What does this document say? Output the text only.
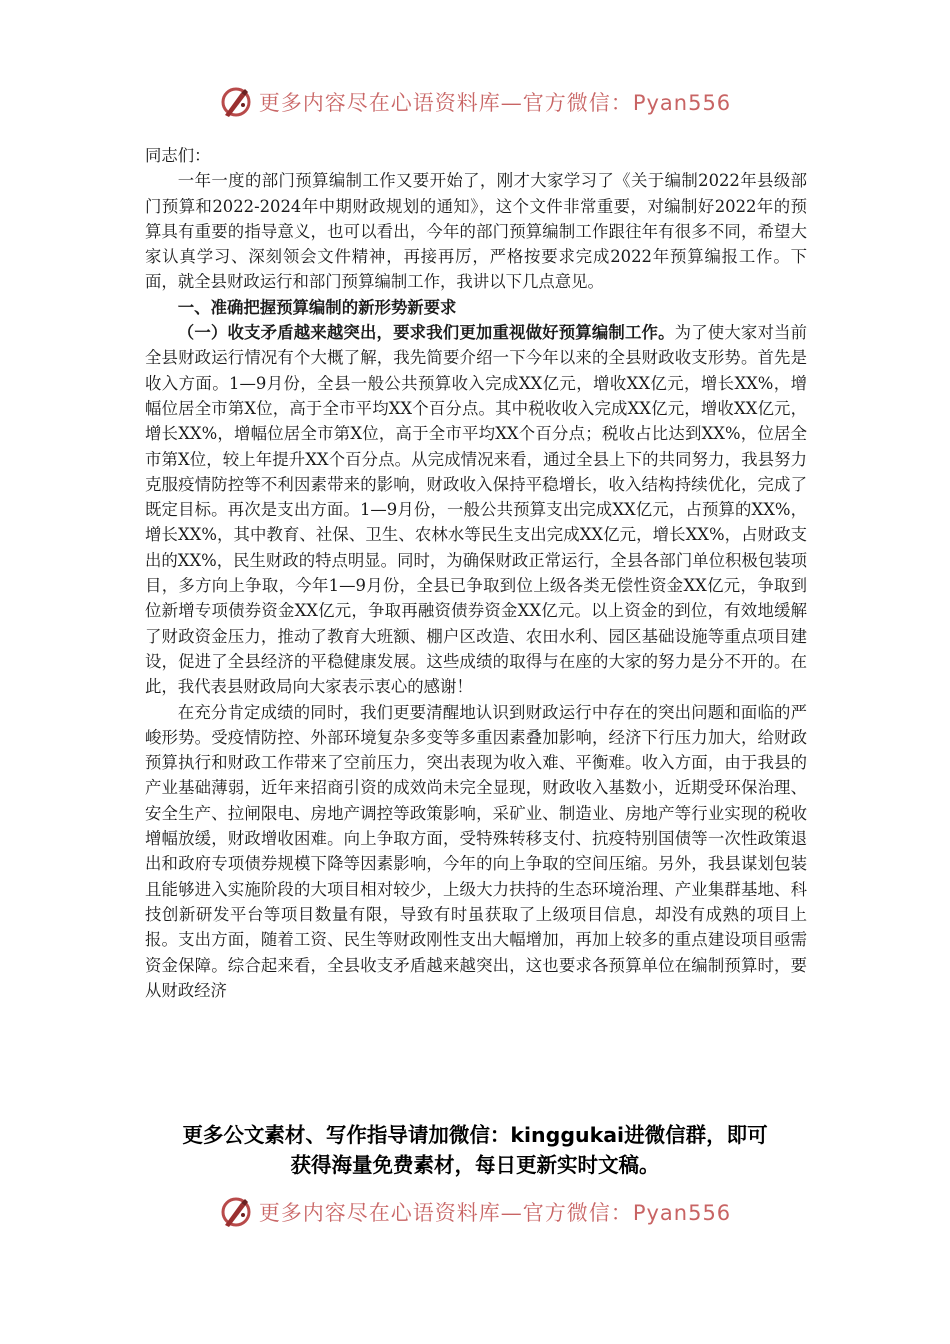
更多内容尽在心语资料库—官方微信：Pyan556

同志们：

一年一度的部门预算编制工作又要开始了，刚才大家学习了《关于编制2022年县级部门预算和2022-2024年中期财政规划的通知》，这个文件非常重要，对编制好2022年的预算具有重要的指导意义，也可以看出，今年的部门预算编制工作跟往年有很多不同，希望大家认真学习、深刻领会文件精神，再接再厉，严格按要求完成2022年预算编报工作。下面，就全县财政运行和部门预算编制工作，我讲以下几点意见。

一、准确把握预算编制的新形势新要求

（一）收支矛盾越来越突出，要求我们更加重视做好预算编制工作。为了使大家对当前全县财政运行情况有个大概了解，我先简要介绍一下今年以来的全县财政收支形势。首先是收入方面。1—9月份，全县一般公共预算收入完成XX亿元，增收XX亿元，增长XX%，增幅位居全市第X位，高于全市平均XX个百分点。其中税收收入完成XX亿元，增收XX亿元，增长XX%，增幅位居全市第X位，高于全市平均XX个百分点；税收占比达到XX%，位居全市第X位，较上年提升XX个百分点。从完成情况来看，通过全县上下的共同努力，我县努力克服疫情防控等不利因素带来的影响，财政收入保持平稳增长，收入结构持续优化，完成了既定目标。再次是支出方面。1—9月份，一般公共预算支出完成XX亿元，占预算的XX%，增长XX%，其中教育、社保、卫生、农林水等民生支出完成XX亿元，增长XX%，占财政支出的XX%，民生财政的特点明显。同时，为确保财政正常运行，全县各部门单位积极包装项目，多方向上争取，今年1—9月份，全县已争取到位上级各类无偿性资金XX亿元，争取到位新增专项债券资金XX亿元，争取再融资债券资金XX亿元。以上资金的到位，有效地缓解了财政资金压力，推动了教育大班额、棚户区改造、农田水利、园区基础设施等重点项目建设，促进了全县经济的平稳健康发展。这些成绩的取得与在座的大家的努力是分不开的。在此，我代表县财政局向大家表示衷心的感谢！

在充分肯定成绩的同时，我们更要清醒地认识到财政运行中存在的突出问题和面临的严峻形势。受疫情防控、外部环境复杂多变等多重因素叠加影响，经济下行压力加大，给财政预算执行和财政工作带来了空前压力，突出表现为收入难、平衡难。收入方面，由于我县的产业基础薄弱，近年来招商引资的成效尚未完全显现，财政收入基数小，近期受环保治理、安全生产、拉闸限电、房地产调控等政策影响，采矿业、制造业、房地产等行业实现的税收增幅放缓，财政增收困难。向上争取方面，受特殊转移支付、抗疫特别国债等一次性政策退出和政府专项债券规模下降等因素影响，今年的向上争取的空间压缩。另外，我县谋划包装且能够进入实施阶段的大项目相对较少，上级大力扶持的生态环境治理、产业集群基地、科技创新研发平台等项目数量有限，导致有时虽获取了上级项目信息，却没有成熟的项目上报。支出方面，随着工资、民生等财政刚性支出大幅增加，再加上较多的重点建设项目亟需资金保障。综合起来看，全县收支矛盾越来越突出，这也要求各预算单位在编制预算时，要从财政经济

更多公文素材、写作指导请加微信：kinggukai进微信群，即可
获得海量免费素材，每日更新实时文稿。
更多内容尽在心语资料库—官方微信：Pyan556
